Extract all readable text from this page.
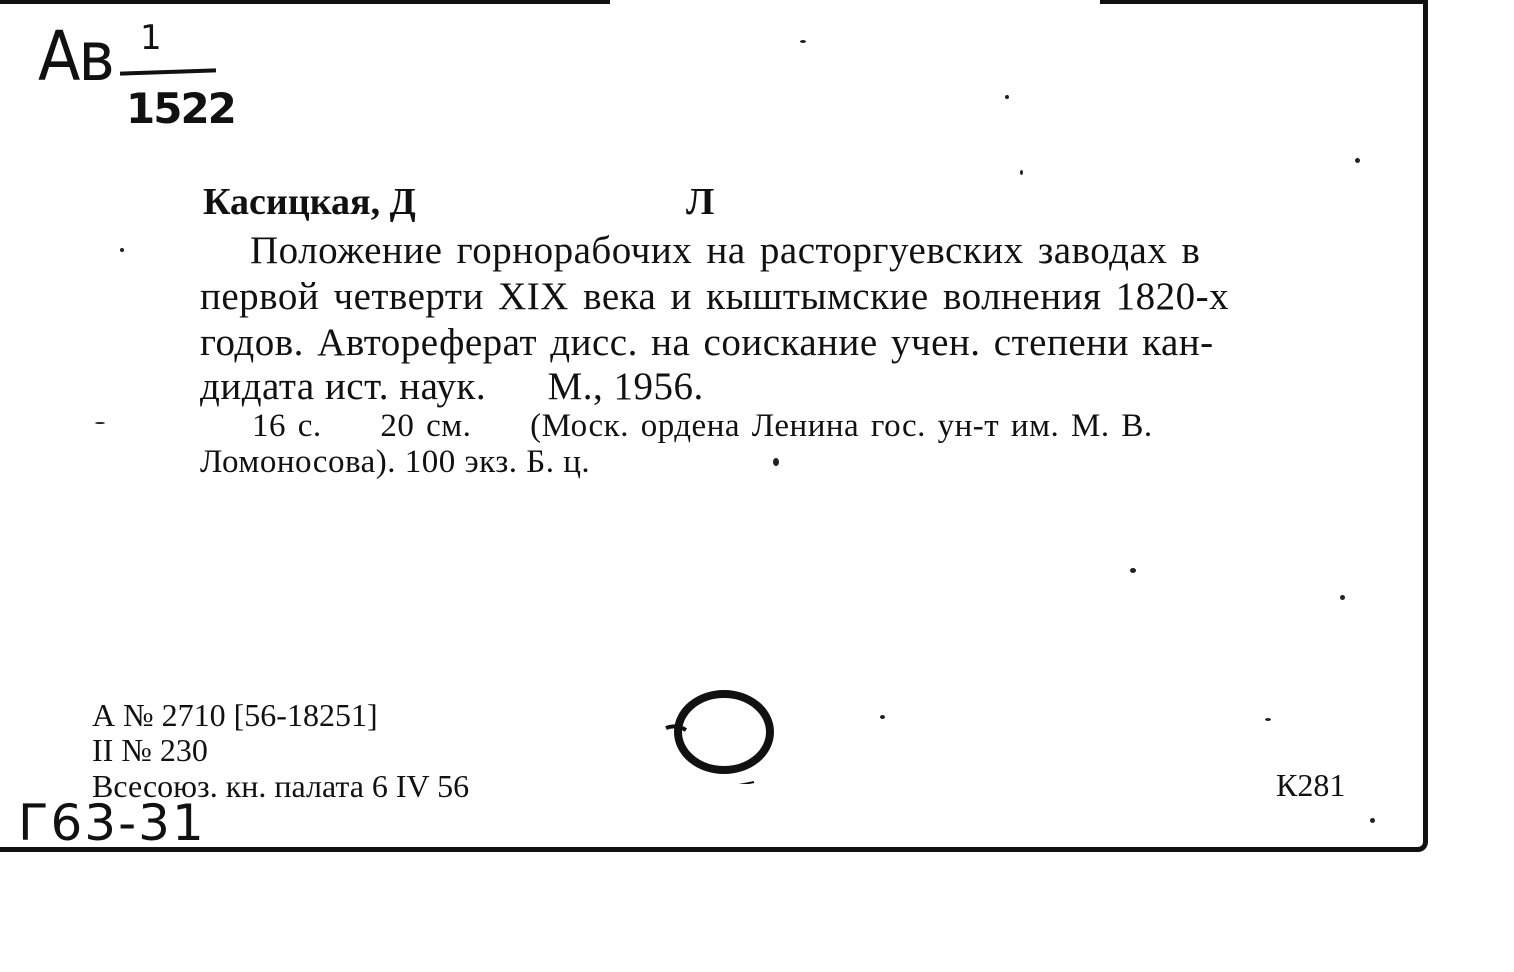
Ав 1
1522
Касицкая, Д	Л
Положение горнорабочих на расторгуевских заводах в
первой четверти XIX века и кыштымские волнения 1820-х
годов. Автореферат дисс. на соискание учен. степени кан-
дидата ист. наук.      М., 1956.
16 с.     20 см.     (Моск. ордена Ленина гос. ун-т им. М. В.
Ломоносова). 100 экз. Б. ц.
А № 2710 [56-18251]
II № 230
Всесоюз. кн. палата 6 IV 56	К281
Г63-31
